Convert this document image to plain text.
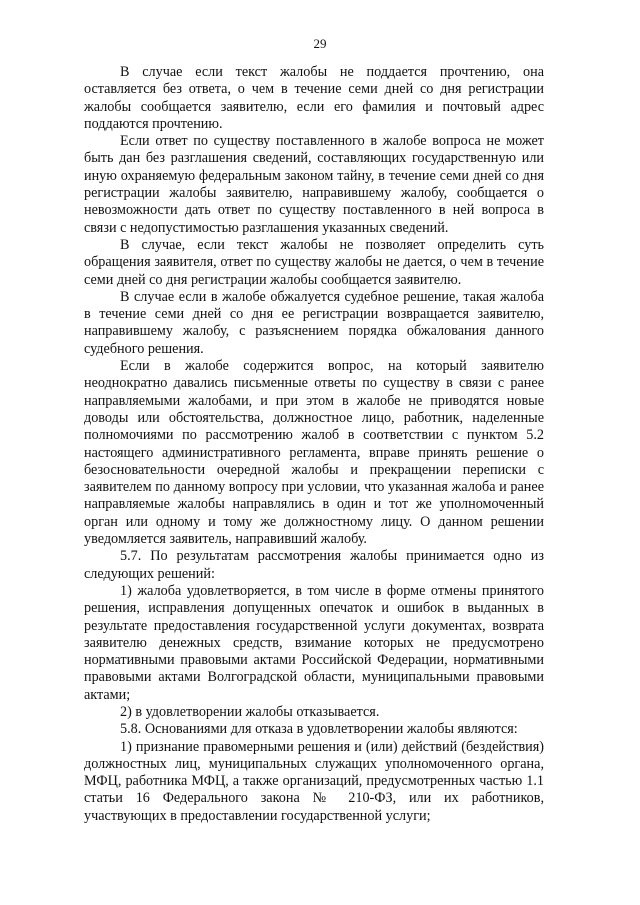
29

В случае если текст жалобы не поддается прочтению, она оставляется без ответа, о чем в течение семи дней со дня регистрации жалобы сообщается заявителю, если его фамилия и почтовый адрес поддаются прочтению.

Если ответ по существу поставленного в жалобе вопроса не может быть дан без разглашения сведений, составляющих государственную или иную охраняемую федеральным законом тайну, в течение семи дней со дня регистрации жалобы заявителю, направившему жалобу, сообщается о невозможности дать ответ по существу поставленного в ней вопроса в связи с недопустимостью разглашения указанных сведений.

В случае, если текст жалобы не позволяет определить суть обращения заявителя, ответ по существу жалобы не дается, о чем в течение семи дней со дня регистрации жалобы сообщается заявителю.

В случае если в жалобе обжалуется судебное решение, такая жалоба в течение семи дней со дня ее регистрации возвращается заявителю, направившему жалобу, с разъяснением порядка обжалования данного судебного решения.

Если в жалобе содержится вопрос, на который заявителю неоднократно давались письменные ответы по существу в связи с ранее направляемыми жалобами, и при этом в жалобе не приводятся новые доводы или обстоятельства, должностное лицо, работник, наделенные полномочиями по рассмотрению жалоб в соответствии с пунктом 5.2 настоящего административного регламента, вправе принять решение о безосновательности очередной жалобы и прекращении переписки с заявителем по данному вопросу при условии, что указанная жалоба и ранее направляемые жалобы направлялись в один и тот же уполномоченный орган или одному и тому же должностному лицу. О данном решении уведомляется заявитель, направивший жалобу.

5.7. По результатам рассмотрения жалобы принимается одно из следующих решений:

1) жалоба удовлетворяется, в том числе в форме отмены принятого решения, исправления допущенных опечаток и ошибок в выданных в результате предоставления государственной услуги документах, возврата заявителю денежных средств, взимание которых не предусмотрено нормативными правовыми актами Российской Федерации, нормативными правовыми актами Волгоградской области, муниципальными правовыми актами;

2) в удовлетворении жалобы отказывается.

5.8. Основаниями для отказа в удовлетворении жалобы являются:

1) признание правомерными решения и (или) действий (бездействия) должностных лиц, муниципальных служащих уполномоченного органа, МФЦ, работника МФЦ, а также организаций, предусмотренных частью 1.1 статьи 16 Федерального закона № 210-ФЗ, или их работников, участвующих в предоставлении государственной услуги;
